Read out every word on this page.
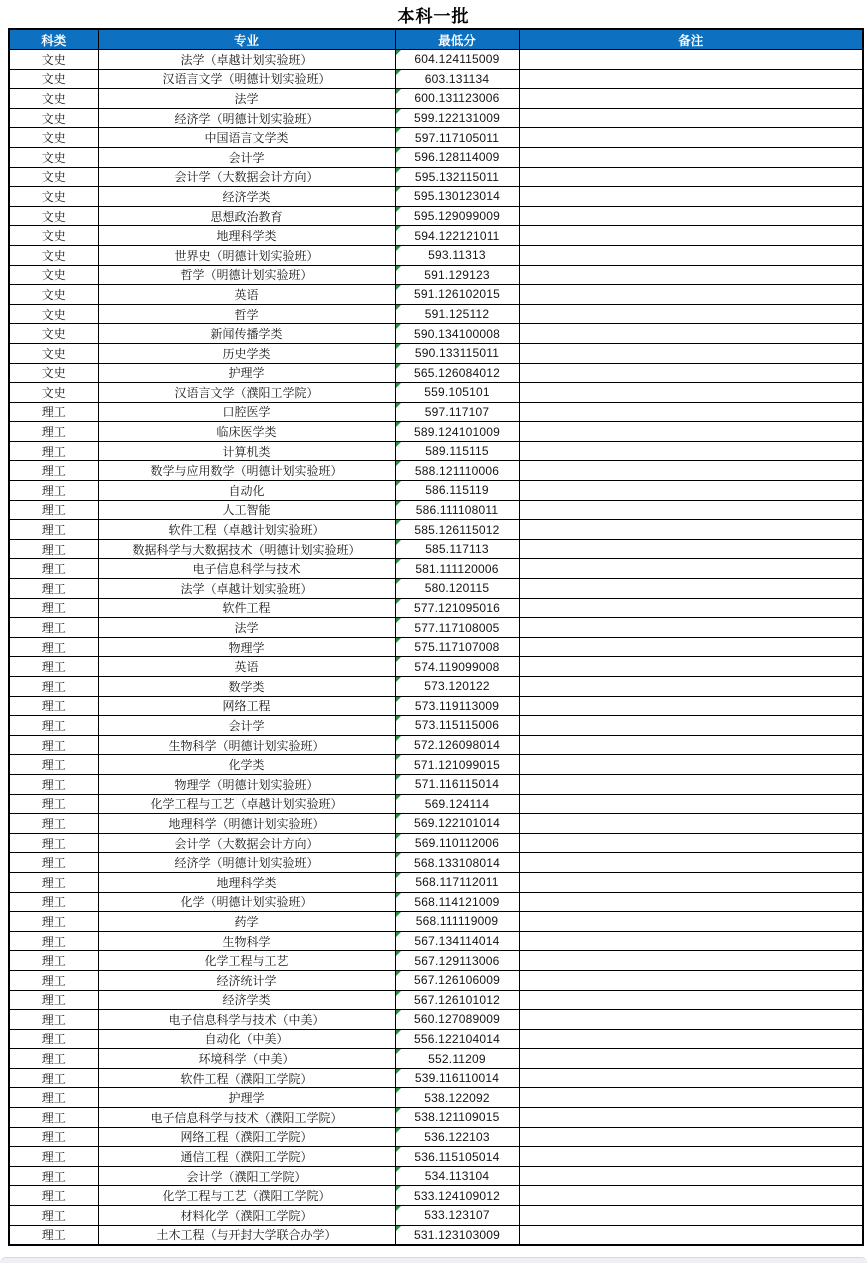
本科一批
科类	专业	最低分	备注
文史	法学（卓越计划实验班）	604.124115009	
文史	汉语言文学（明德计划实验班）	603.131134	
文史	法学	600.131123006	
文史	经济学（明德计划实验班）	599.122131009	
文史	中国语言文学类	597.117105011	
文史	会计学	596.128114009	
文史	会计学（大数据会计方向）	595.132115011	
文史	经济学类	595.130123014	
文史	思想政治教育	595.129099009	
文史	地理科学类	594.122121011	
文史	世界史（明德计划实验班）	593.11313	
文史	哲学（明德计划实验班）	591.129123	
文史	英语	591.126102015	
文史	哲学	591.125112	
文史	新闻传播学类	590.134100008	
文史	历史学类	590.133115011	
文史	护理学	565.126084012	
文史	汉语言文学（濮阳工学院）	559.105101	
理工	口腔医学	597.117107	
理工	临床医学类	589.124101009	
理工	计算机类	589.115115	
理工	数学与应用数学（明德计划实验班）	588.121110006	
理工	自动化	586.115119	
理工	人工智能	586.111108011	
理工	软件工程（卓越计划实验班）	585.126115012	
理工	数据科学与大数据技术（明德计划实验班）	585.117113	
理工	电子信息科学与技术	581.111120006	
理工	法学（卓越计划实验班）	580.120115	
理工	软件工程	577.121095016	
理工	法学	577.117108005	
理工	物理学	575.117107008	
理工	英语	574.119099008	
理工	数学类	573.120122	
理工	网络工程	573.119113009	
理工	会计学	573.115115006	
理工	生物科学（明德计划实验班）	572.126098014	
理工	化学类	571.121099015	
理工	物理学（明德计划实验班）	571.116115014	
理工	化学工程与工艺（卓越计划实验班）	569.124114	
理工	地理科学（明德计划实验班）	569.122101014	
理工	会计学（大数据会计方向）	569.110112006	
理工	经济学（明德计划实验班）	568.133108014	
理工	地理科学类	568.117112011	
理工	化学（明德计划实验班）	568.114121009	
理工	药学	568.111119009	
理工	生物科学	567.134114014	
理工	化学工程与工艺	567.129113006	
理工	经济统计学	567.126106009	
理工	经济学类	567.126101012	
理工	电子信息科学与技术（中美）	560.127089009	
理工	自动化（中美）	556.122104014	
理工	环境科学（中美）	552.11209	
理工	软件工程（濮阳工学院）	539.116110014	
理工	护理学	538.122092	
理工	电子信息科学与技术（濮阳工学院）	538.121109015	
理工	网络工程（濮阳工学院）	536.122103	
理工	通信工程（濮阳工学院）	536.115105014	
理工	会计学（濮阳工学院）	534.113104	
理工	化学工程与工艺（濮阳工学院）	533.124109012	
理工	材料化学（濮阳工学院）	533.123107	
理工	土木工程（与开封大学联合办学）	531.123103009	
